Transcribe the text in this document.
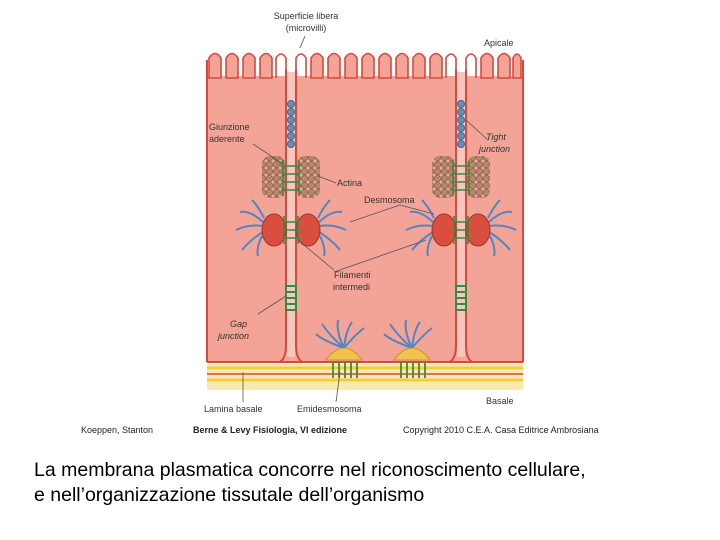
Superficie libera
(microvilli)
Apicale
Giunzione
aderente	Tight
junction
Actina
Desmosoma
Filamenti
intermedi
Gap
junction
Basale
Lamina basale	Emidesmosoma
Koeppen, Stanton	Berne & Levy Fisiologia, VI edizione	Copyright 2010 C.E.A. Casa Editrice Ambrosiana
La membrana plasmatica concorre nel riconoscimento cellulare,
e nell’organizzazione tissutale dell’organismo
